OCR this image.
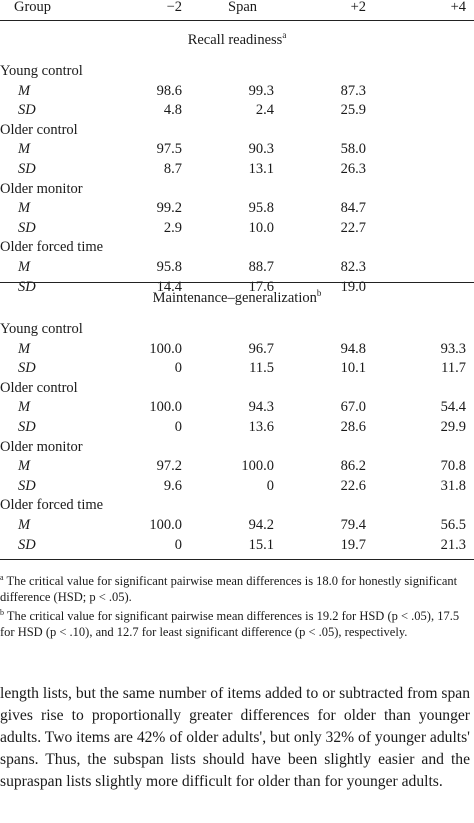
Group	−2	Span	+2	+4
Recall readiness$^a$
Young control
M	98.6	99.3	87.3
SD	4.8	2.4	25.9
Older control
M	97.5	90.3	58.0
SD	8.7	13.1	26.3
Older monitor
M	99.2	95.8	84.7
SD	2.9	10.0	22.7
Older forced time
M	95.8	88.7	82.3
SD	14.4	17.6	19.0
Maintenance–generalization$^b$
Young control
M	100.0	96.7	94.8	93.3
SD	0	11.5	10.1	11.7
Older control
M	100.0	94.3	67.0	54.4
SD	0	13.6	28.6	29.9
Older monitor
M	97.2	100.0	86.2	70.8
SD	9.6	0	22.6	31.8
Older forced time
M	100.0	94.2	79.4	56.5
SD	0	15.1	19.7	21.3

$^a$ The critical value for significant pairwise mean differences is 18.0 for honestly significant difference (HSD; p < .05).

$^b$ The critical value for significant pairwise mean differences is 19.2 for HSD (p < .05), 17.5 for HSD (p < .10), and 12.7 for least significant difference (p < .05), respectively.

length lists, but the same number of items added to or subtracted from span gives rise to proportionally greater differences for older than younger adults. Two items are 42% of older adults', but only 32% of younger adults' spans. Thus, the subspan lists should have been slightly easier and the supraspan lists slightly more difficult for older than for younger adults.
